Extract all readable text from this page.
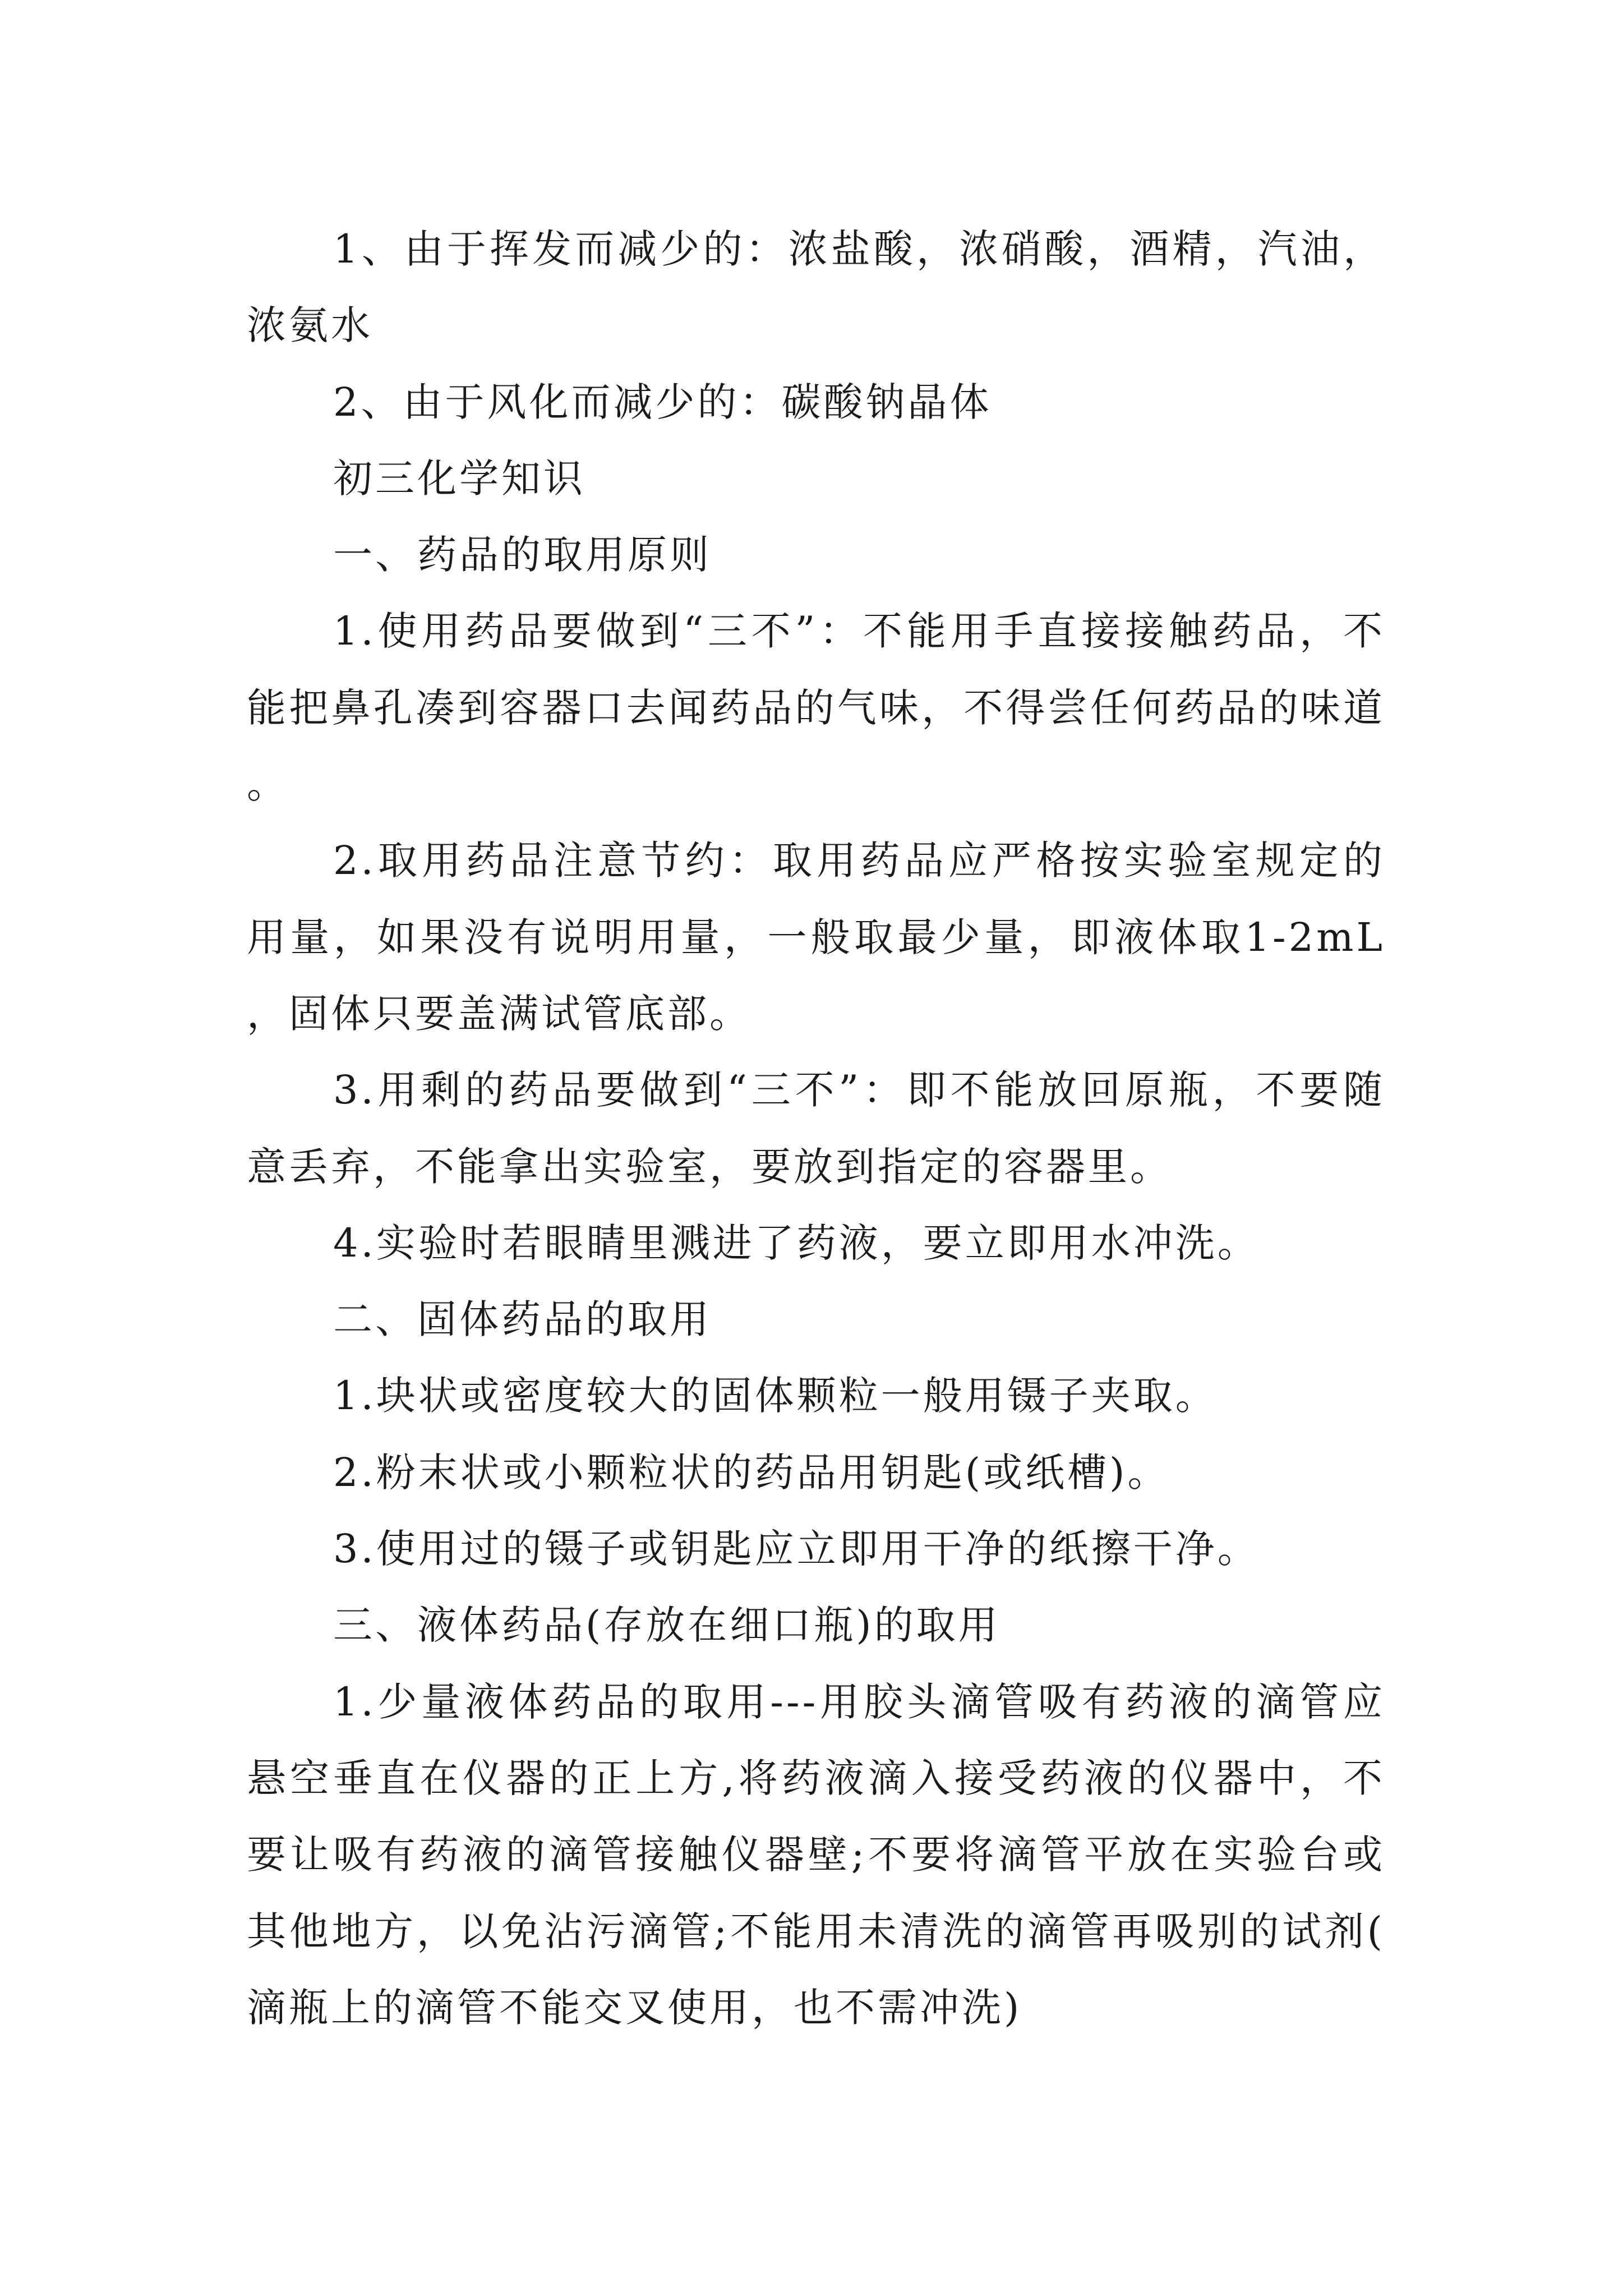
1、由于挥发而减少的：浓盐酸，浓硝酸，酒精，汽油，浓氨水

2、由于风化而减少的：碳酸钠晶体

初三化学知识

一、药品的取用原则

1.使用药品要做到“三不”：不能用手直接接触药品，不能把鼻孔凑到容器口去闻药品的气味，不得尝任何药品的味道。

2.取用药品注意节约：取用药品应严格按实验室规定的用量，如果没有说明用量，一般取最少量，即液体取1-2mL，固体只要盖满试管底部。

3.用剩的药品要做到“三不”：即不能放回原瓶，不要随意丢弃，不能拿出实验室，要放到指定的容器里。

4.实验时若眼睛里溅进了药液，要立即用水冲洗。

二、固体药品的取用

1.块状或密度较大的固体颗粒一般用镊子夹取。

2.粉末状或小颗粒状的药品用钥匙(或纸槽)。

3.使用过的镊子或钥匙应立即用干净的纸擦干净。

三、液体药品(存放在细口瓶)的取用

1.少量液体药品的取用---用胶头滴管吸有药液的滴管应悬空垂直在仪器的正上方,将药液滴入接受药液的仪器中，不要让吸有药液的滴管接触仪器壁;不要将滴管平放在实验台或其他地方，以免沾污滴管;不能用未清洗的滴管再吸别的试剂(滴瓶上的滴管不能交叉使用，也不需冲洗)
